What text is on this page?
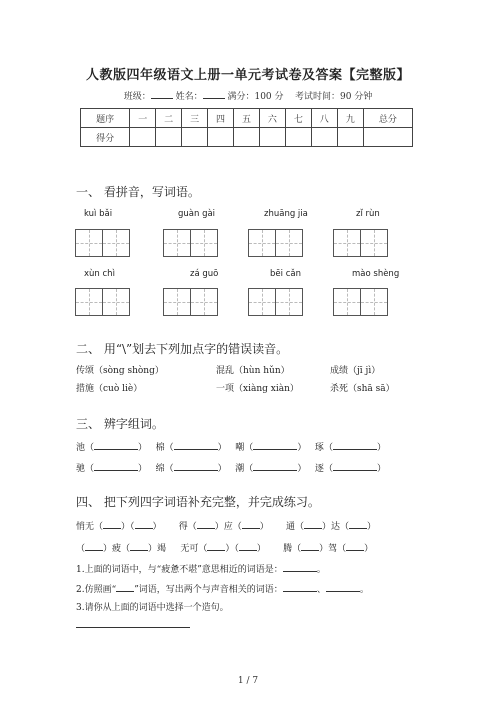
人教版四年级语文上册一单元考试卷及答案【完整版】
班级：	姓名：	满分：100 分 考试时间：90 分钟
题序	一	二	三	四	五	六	七	八	九	总分
得分										
一、 看拼音，写词语。
kuì bǎi	guàn gài	zhuāng jia	zǐ rùn
xùn chì	zá guō	bēi cǎn	mào shèng
二、 用“\”划去下列加点字的错误读音。
传颂（sòng shòng）	混乱（hùn hǔn）	成绩（jī jì）
措施（cuò liè）	一项（xiàng xiàn）	杀死（shā sā）
三、 辨字组词。
池（	） 棉（	） 嘲（	） 琢（	）
驰（	） 绵（	） 潮（	） 逐（	）
四、 把下列四字词语补充完整，并完成练习。
悄无（ ）（ ） 得（ ）应（ ） 通（ ）达（ ）
（ ）疲（ ）竭 无可（ ）（ ） 腾（ ）驾（ ）
1.上面的词语中，与“疲惫不堪”意思相近的词语是：	。
2.仿照画“ ”词语，写出两个与声音相关的词语：	、	。
3.请你从上面的词语中选择一个造句。
1 / 7
